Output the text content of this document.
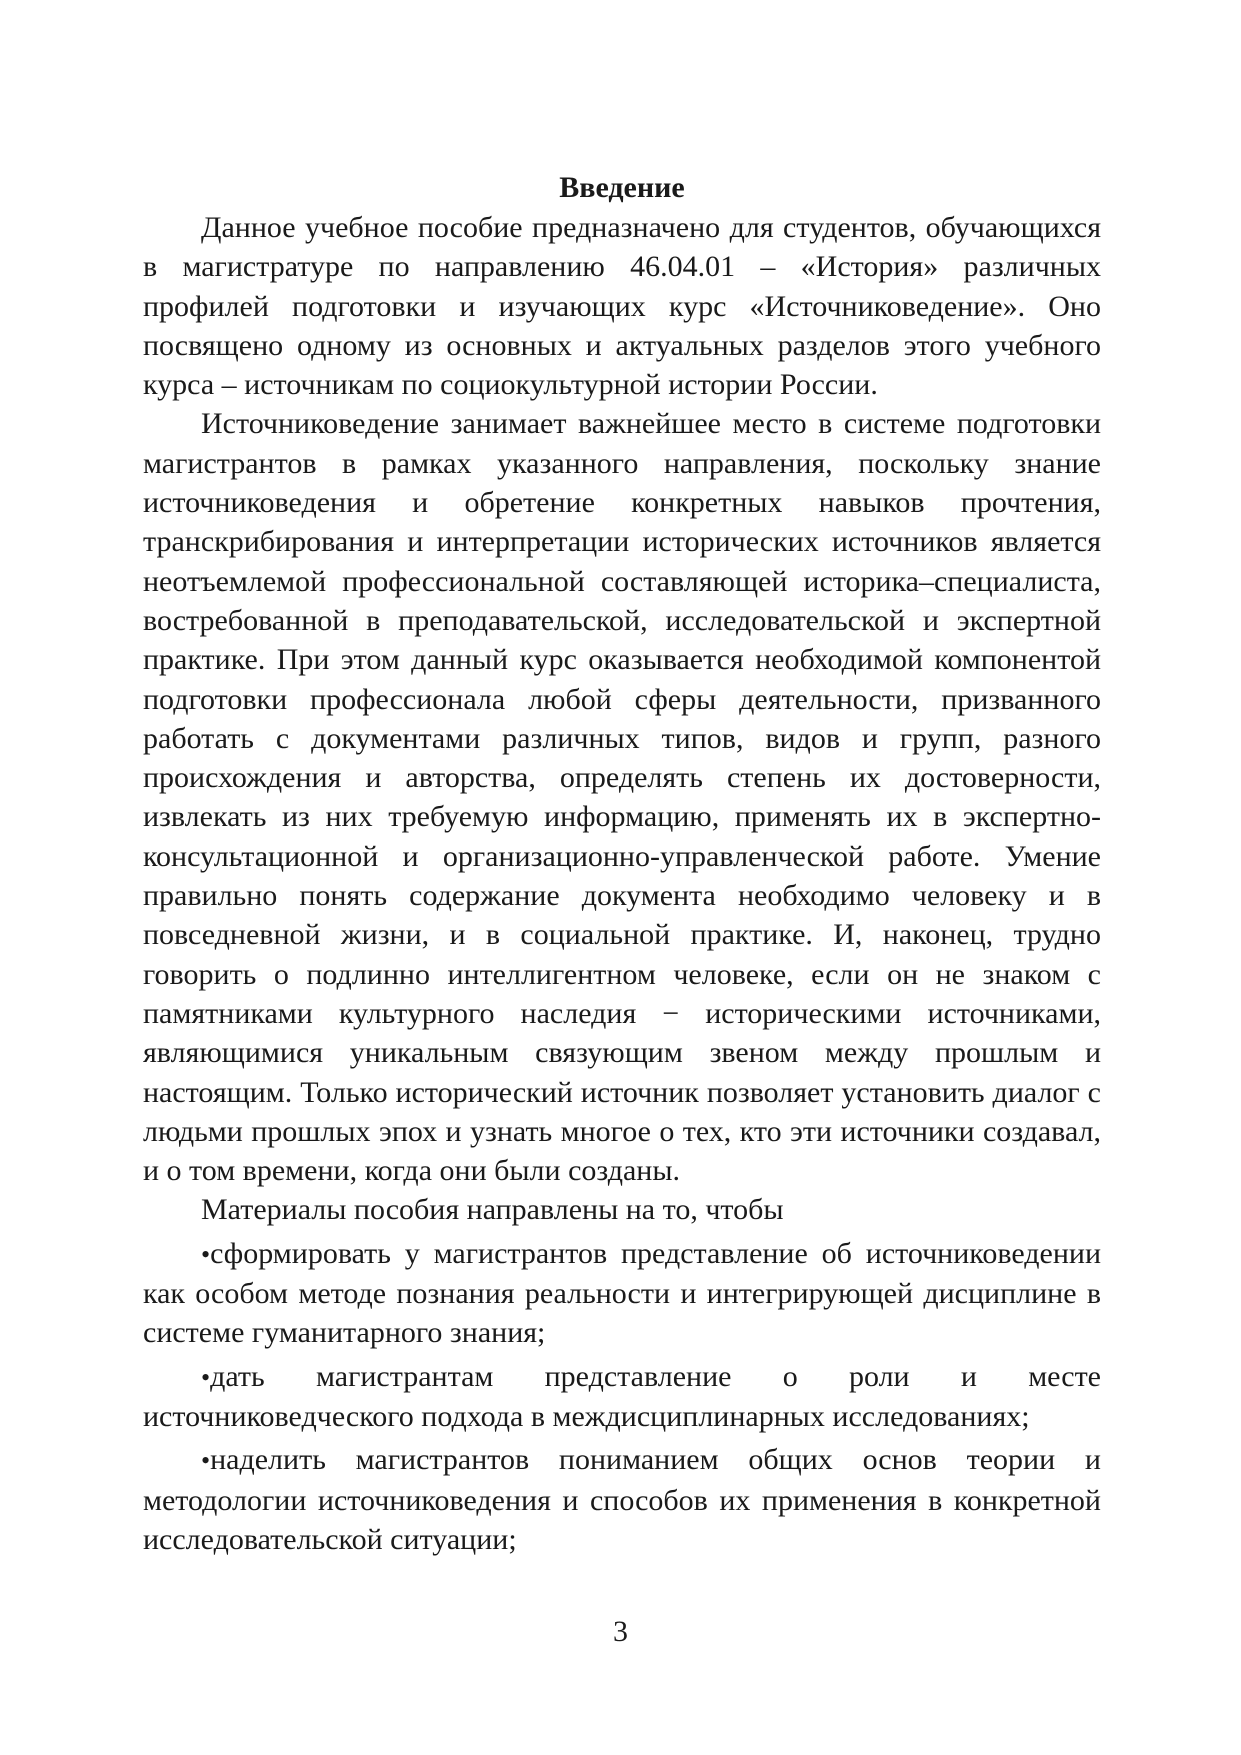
Введение

Данное учебное пособие предназначено для студентов, обучающихся в магистратуре по направлению 46.04.01 – «История» различных профилей подготовки и изучающих курс «Источниковедение». Оно посвящено одному из основных и актуальных разделов этого учебного курса – источникам по социокультурной истории России.

Источниковедение занимает важнейшее место в системе подготовки магистрантов в рамках указанного направления, поскольку знание источниковедения и обретение конкретных навыков прочтения, транскрибирования и интерпретации исторических источников является неотъемлемой профессиональной составляющей историка–специалиста, востребованной в преподавательской, исследовательской и экспертной практике. При этом данный курс оказывается необходимой компонентой подготовки профессионала любой сферы деятельности, призванного работать с документами различных типов, видов и групп, разного происхождения и авторства, определять степень их достоверности, извлекать из них требуемую информацию, применять их в экспертно-консультационной и организационно-управленческой работе. Умение правильно понять содержание документа необходимо человеку и в повседневной жизни, и в социальной практике. И, наконец, трудно говорить о подлинно интеллигентном человеке, если он не знаком с памятниками культурного наследия − историческими источниками, являющимися уникальным связующим звеном между прошлым и настоящим. Только исторический источник позволяет установить диалог с людьми прошлых эпох и узнать многое о тех, кто эти источники создавал, и о том времени, когда они были созданы.

Материалы пособия направлены на то, чтобы

•сформировать у магистрантов представление об источниковедении как особом методе познания реальности и интегрирующей дисциплине в системе гуманитарного знания;

•дать магистрантам представление о роли и месте источниковедческого подхода в междисциплинарных исследованиях;

•наделить магистрантов пониманием общих основ теории и методологии источниковедения и способов их применения в конкретной исследовательской ситуации;

3
